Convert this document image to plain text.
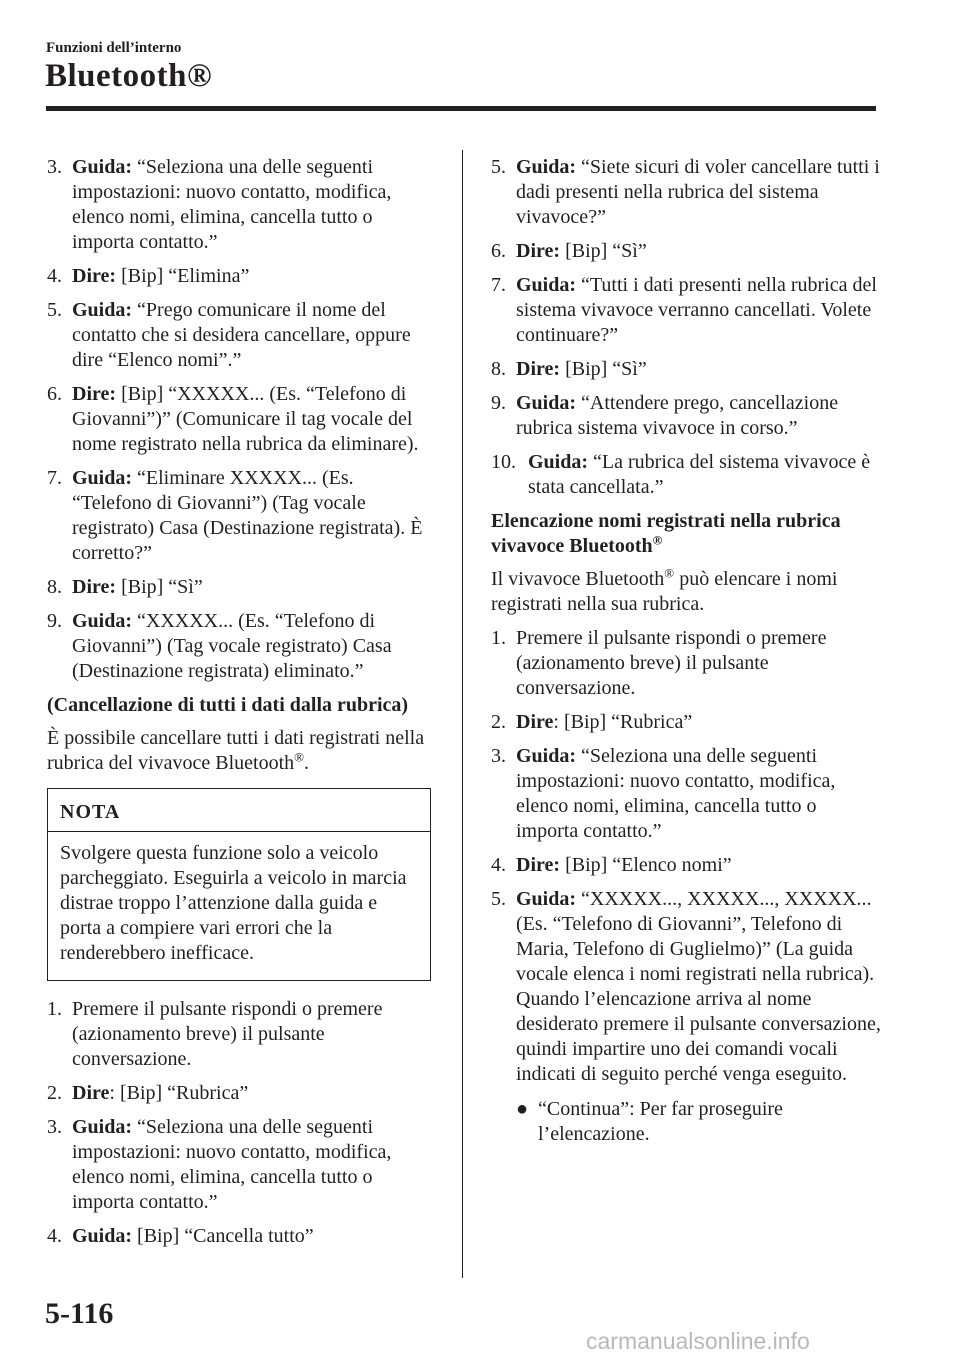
Funzioni dell’interno
Bluetooth®
3. Guida: “Seleziona una delle seguenti impostazioni: nuovo contatto, modifica, elenco nomi, elimina, cancella tutto o importa contatto.”
4. Dire: [Bip] “Elimina”
5. Guida: “Prego comunicare il nome del contatto che si desidera cancellare, oppure dire “Elenco nomi”.”
6. Dire: [Bip] “XXXXX... (Es. “Telefono di Giovanni”)” (Comunicare il tag vocale del nome registrato nella rubrica da eliminare).
7. Guida: “Eliminare XXXXX... (Es. “Telefono di Giovanni”) (Tag vocale registrato) Casa (Destinazione registrata). È corretto?”
8. Dire: [Bip] “Sì”
9. Guida: “XXXXX... (Es. “Telefono di Giovanni”) (Tag vocale registrato) Casa (Destinazione registrata) eliminato.”
(Cancellazione di tutti i dati dalla rubrica)
È possibile cancellare tutti i dati registrati nella rubrica del vivavoce Bluetooth®.
NOTA
Svolgere questa funzione solo a veicolo parcheggiato. Eseguirla a veicolo in marcia distrae troppo l’attenzione dalla guida e porta a compiere vari errori che la renderebbero inefficace.
1. Premere il pulsante rispondi o premere (azionamento breve) il pulsante conversazione.
2. Dire: [Bip] “Rubrica”
3. Guida: “Seleziona una delle seguenti impostazioni: nuovo contatto, modifica, elenco nomi, elimina, cancella tutto o importa contatto.”
4. Guida: [Bip] “Cancella tutto”
5. Guida: “Siete sicuri di voler cancellare tutti i dadi presenti nella rubrica del sistema vivavoce?”
6. Dire: [Bip] “Sì”
7. Guida: “Tutti i dati presenti nella rubrica del sistema vivavoce verranno cancellati. Volete continuare?”
8. Dire: [Bip] “Sì”
9. Guida: “Attendere prego, cancellazione rubrica sistema vivavoce in corso.”
10. Guida: “La rubrica del sistema vivavoce è stata cancellata.”
Elencazione nomi registrati nella rubrica vivavoce Bluetooth®
Il vivavoce Bluetooth® può elencare i nomi registrati nella sua rubrica.
1. Premere il pulsante rispondi o premere (azionamento breve) il pulsante conversazione.
2. Dire: [Bip] “Rubrica”
3. Guida: “Seleziona una delle seguenti impostazioni: nuovo contatto, modifica, elenco nomi, elimina, cancella tutto o importa contatto.”
4. Dire: [Bip] “Elenco nomi”
5. Guida: “XXXXX..., XXXXX..., XXXXX... (Es. “Telefono di Giovanni”, Telefono di Maria, Telefono di Guglielmo)” (La guida vocale elenca i nomi registrati nella rubrica). Quando l’elencazione arriva al nome desiderato premere il pulsante conversazione, quindi impartire uno dei comandi vocali indicati di seguito perché venga eseguito.
● “Continua”: Per far proseguire l’elencazione.
5-116
carmanualsonline.info
